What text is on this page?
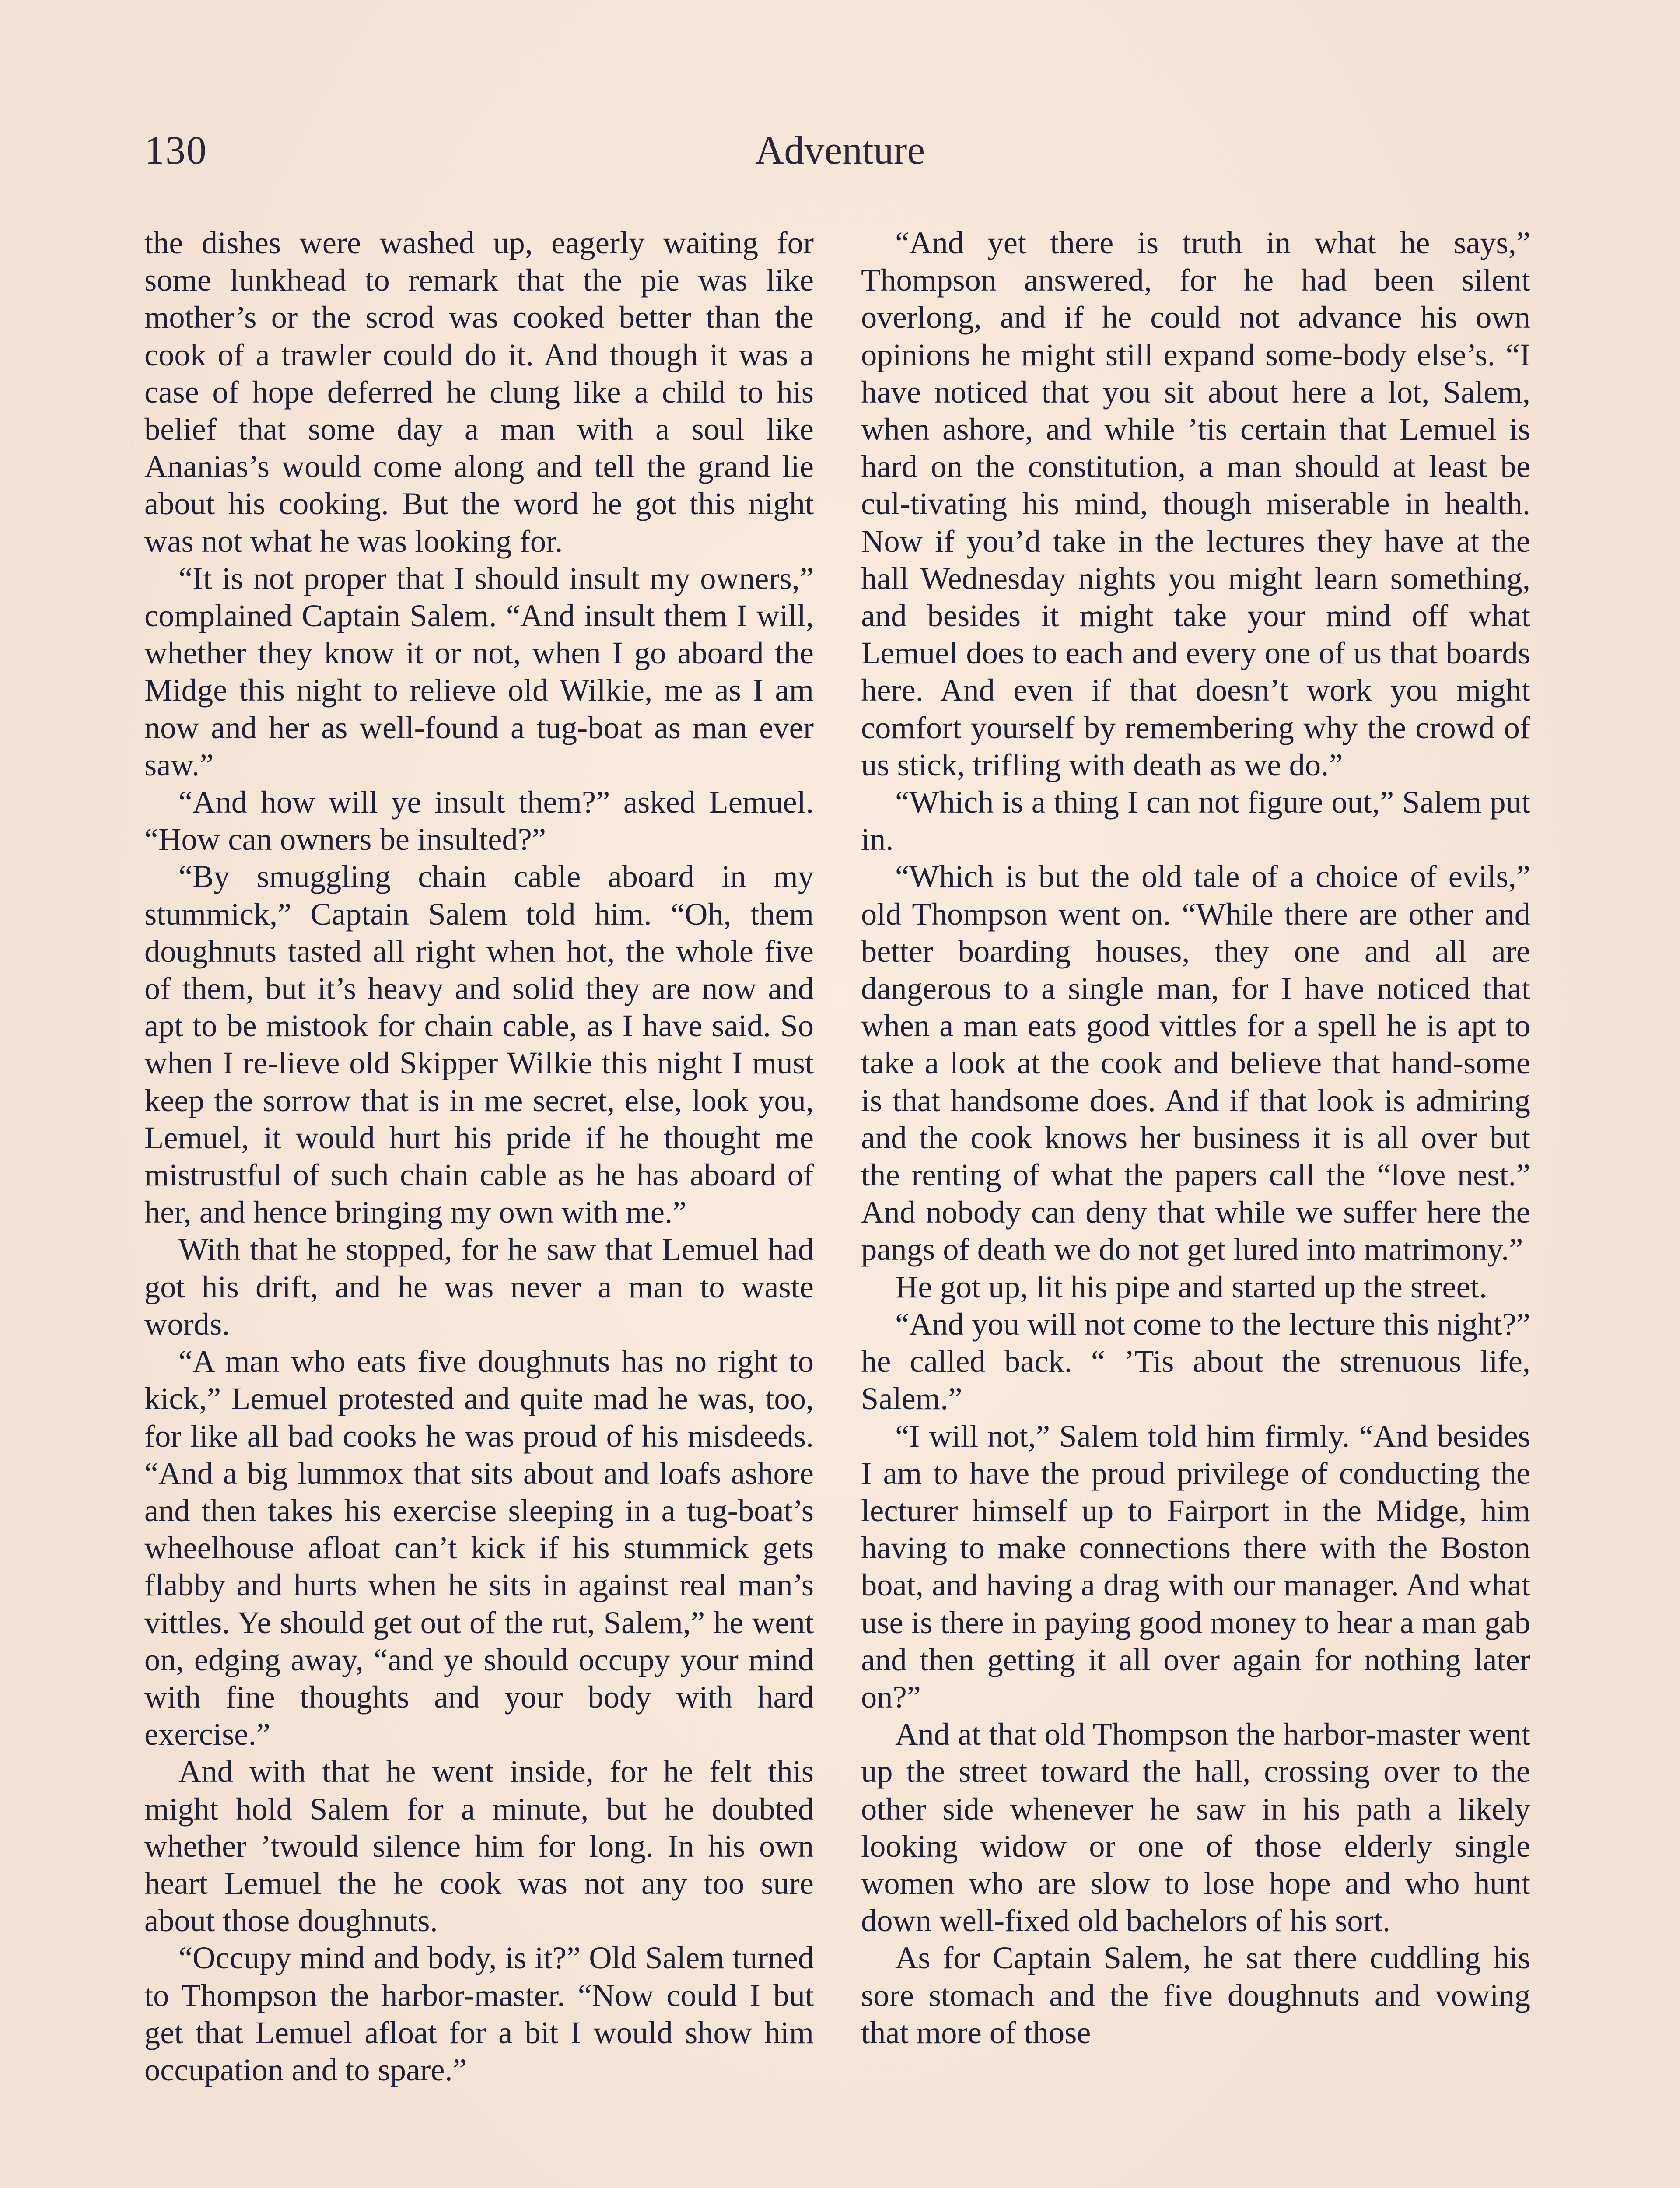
130	Adventure

the dishes were washed up, eagerly waiting for some lunkhead to remark that the pie was like mother’s or the scrod was cooked better than the cook of a trawler could do it. And though it was a case of hope deferred he clung like a child to his belief that some day a man with a soul like Ananias’s would come along and tell the grand lie about his cooking. But the word he got this night was not what he was looking for.

“It is not proper that I should insult my owners,” complained Captain Salem. “And insult them I will, whether they know it or not, when I go aboard the Midge this night to relieve old Wilkie, me as I am now and her as well-found a tug-boat as man ever saw.”

“And how will ye insult them?” asked Lemuel. “How can owners be insulted?”

“By smuggling chain cable aboard in my stummick,” Captain Salem told him. “Oh, them doughnuts tasted all right when hot, the whole five of them, but it’s heavy and solid they are now and apt to be mistook for chain cable, as I have said. So when I re-lieve old Skipper Wilkie this night I must keep the sorrow that is in me secret, else, look you, Lemuel, it would hurt his pride if he thought me mistrustful of such chain cable as he has aboard of her, and hence bringing my own with me.”

With that he stopped, for he saw that Lemuel had got his drift, and he was never a man to waste words.

“A man who eats five doughnuts has no right to kick,” Lemuel protested and quite mad he was, too, for like all bad cooks he was proud of his misdeeds. “And a big lummox that sits about and loafs ashore and then takes his exercise sleeping in a tug-boat’s wheelhouse afloat can’t kick if his stummick gets flabby and hurts when he sits in against real man’s vittles. Ye should get out of the rut, Salem,” he went on, edging away, “and ye should occupy your mind with fine thoughts and your body with hard exercise.”

And with that he went inside, for he felt this might hold Salem for a minute, but he doubted whether ’twould silence him for long. In his own heart Lemuel the he cook was not any too sure about those doughnuts.

“Occupy mind and body, is it?” Old Salem turned to Thompson the harbor-master. “Now could I but get that Lemuel afloat for a bit I would show him occupation and to spare.”

“And yet there is truth in what he says,” Thompson answered, for he had been silent overlong, and if he could not advance his own opinions he might still expand some-body else’s. “I have noticed that you sit about here a lot, Salem, when ashore, and while ’tis certain that Lemuel is hard on the constitution, a man should at least be cul-tivating his mind, though miserable in health. Now if you’d take in the lectures they have at the hall Wednesday nights you might learn something, and besides it might take your mind off what Lemuel does to each and every one of us that boards here. And even if that doesn’t work you might comfort yourself by remembering why the crowd of us stick, trifling with death as we do.”

“Which is a thing I can not figure out,” Salem put in.

“Which is but the old tale of a choice of evils,” old Thompson went on. “While there are other and better boarding houses, they one and all are dangerous to a single man, for I have noticed that when a man eats good vittles for a spell he is apt to take a look at the cook and believe that hand-some is that handsome does. And if that look is admiring and the cook knows her business it is all over but the renting of what the papers call the “love nest.” And nobody can deny that while we suffer here the pangs of death we do not get lured into matrimony.”

He got up, lit his pipe and started up the street.

“And you will not come to the lecture this night?” he called back. “ ’Tis about the strenuous life, Salem.”

“I will not,” Salem told him firmly. “And besides I am to have the proud privilege of conducting the lecturer himself up to Fairport in the Midge, him having to make connections there with the Boston boat, and having a drag with our manager. And what use is there in paying good money to hear a man gab and then getting it all over again for nothing later on?”

And at that old Thompson the harbor-master went up the street toward the hall, crossing over to the other side whenever he saw in his path a likely looking widow or one of those elderly single women who are slow to lose hope and who hunt down well-fixed old bachelors of his sort.

As for Captain Salem, he sat there cuddling his sore stomach and the five doughnuts and vowing that more of those
